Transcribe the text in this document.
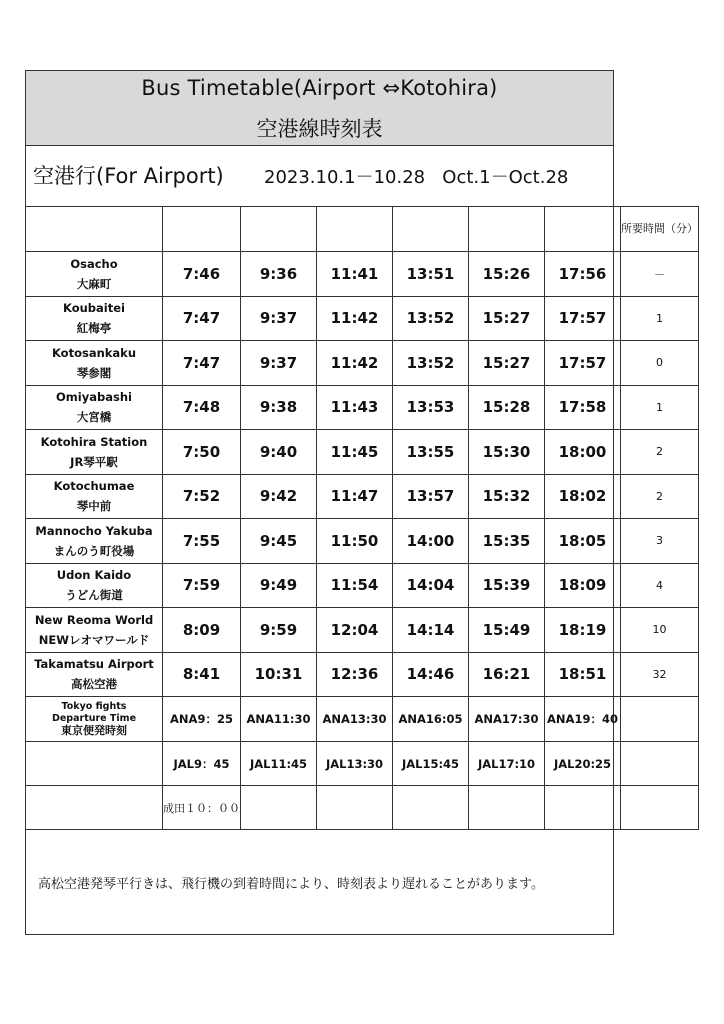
Bus Timetable(Airport ⇔Kotohira)
空港線時刻表
空港行(For Airport) 2023.10.1－10.28   Oct.1－Oct.28
							所要時間（分）

Osacho
大麻町	7:46	9:36	11:41	13:51	15:26	17:56	－

Koubaitei
紅梅亭	7:47	9:37	11:42	13:52	15:27	17:57	1

Kotosankaku
琴参閣	7:47	9:37	11:42	13:52	15:27	17:57	0

Omiyabashi
大宮橋	7:48	9:38	11:43	13:53	15:28	17:58	1

Kotohira Station
JR琴平駅	7:50	9:40	11:45	13:55	15:30	18:00	2

Kotochumae
琴中前	7:52	9:42	11:47	13:57	15:32	18:02	2

Mannocho Yakuba
まんのう町役場	7:55	9:45	11:50	14:00	15:35	18:05	3

Udon Kaido
うどん街道	7:59	9:49	11:54	14:04	15:39	18:09	4

New Reoma World
NEWレオマワールド	8:09	9:59	12:04	14:14	15:49	18:19	10

Takamatsu Airport
高松空港	8:41	10:31	12:36	14:46	16:21	18:51	32

Tokyo fights
Departure Time
東京便発時刻	ANA9：25	ANA11:30	ANA13:30	ANA16:05	ANA17:30	ANA19：40	
	JAL9：45	JAL11:45	JAL13:30	JAL15:45	JAL17:10	JAL20:25	
	成田１０：００						
高松空港発琴平行きは、飛行機の到着時間により、時刻表より遅れることがあります。
